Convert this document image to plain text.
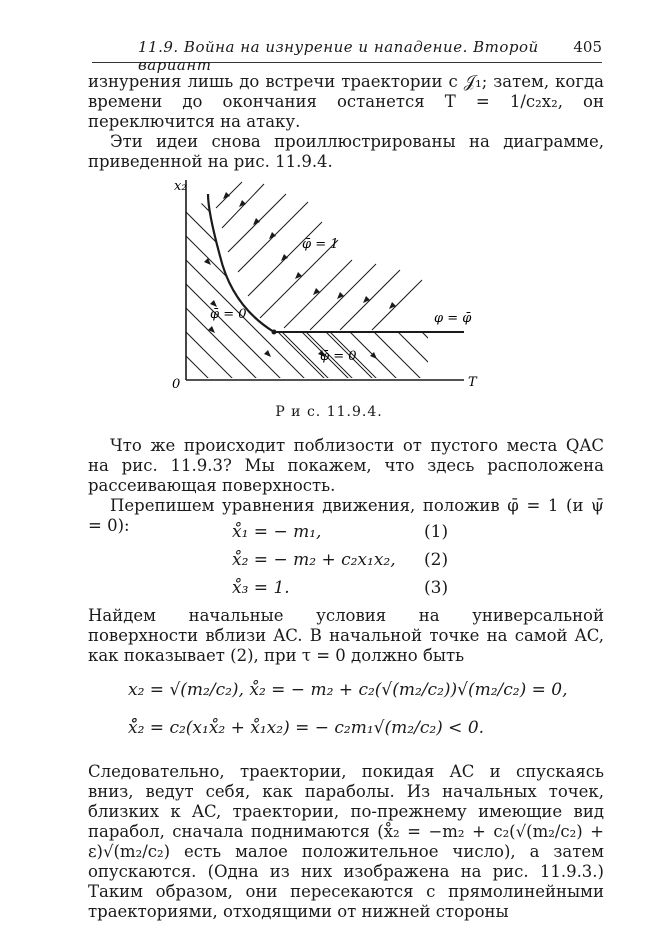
11.9. Война на изнурение и нападение. Второй вариант
405

изнурения лишь до встречи траектории с 𝒥₁; затем, когда времени до окончания останется T = 1/c₂x₂, он переключится на атаку.

Эти идеи снова проиллюстрированы на диаграмме, приведенной на рис. 11.9.4.

x₂
T
0
φ̄ = 1
φ̄ = 0
φ̄ = 0
φ = φ̄
Р и с. 11.9.4.

Что же происходит поблизости от пустого места QAC на рис. 11.9.3? Мы покажем, что здесь расположена рассеивающая поверхность.

Перепишем уравнения движения, положив φ̄ = 1 (и ψ̄ = 0):	x̊₁ = − m₁,	(1)
x̊₂ = − m₂ + c₂x₁x₂, (2)
x̊₃ = 1.	(3)

Найдем начальные условия на универсальной поверхности вблизи AC. В начальной точке на самой AC, как показывает (2), при τ = 0 должно быть

x₂ = √(m₂/c₂), x̊₂ = − m₂ + c₂(√(m₂/c₂))√(m₂/c₂) = 0,
x̊̊₂ = c₂(x₁x̊₂ + x̊₁x₂) = − c₂m₁√(m₂/c₂) < 0.

Следовательно, траектории, покидая AC и спускаясь вниз, ведут себя, как параболы. Из начальных точек, близких к AC, траектории, по-прежнему имеющие вид парабол, сначала поднимаются (x̊₂ = −m₂ + c₂(√(m₂/c₂) + ε)√(m₂/c₂) есть малое положительное число), а затем опускаются. (Одна из них изображена на рис. 11.9.3.) Таким образом, они пересекаются с прямолинейными траекториями, отходящими от нижней стороны
